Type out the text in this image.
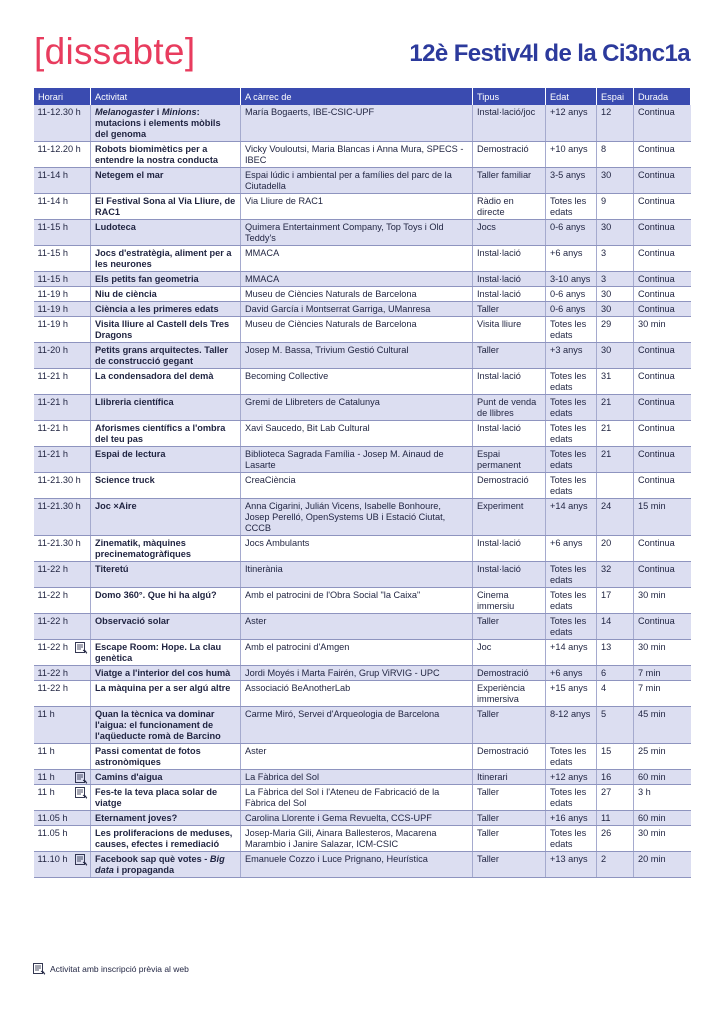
[dissabte]	12è Festiv4l de la Ci3nc1a
Horari	Activitat	A càrrec de	Tipus	Edat	Espai	Durada

11-12.30 h	Melanogaster i Minions: mutacions i elements mòbils del genoma	María Bogaerts, IBE-CSIC-UPF	Instal·lació/joc	+12 anys	12	Continua

11-12.20 h	Robots biomimètics per a entendre la nostra conducta	Vicky Vouloutsi, Maria Blancas i Anna Mura, SPECS -IBEC	Demostració	+10 anys	8	Continua

11-14 h	Netegem el mar	Espai lúdic i ambiental per a famílies del parc de la Ciutadella	Taller familiar	3-5 anys	30	Continua

11-14 h	El Festival Sona al Via Lliure, de RAC1	Via Lliure de RAC1	Ràdio en directe	Totes les edats	9	Continua

11-15 h	Ludoteca	Quimera Entertainment Company, Top Toys i Old Teddy's	Jocs	0-6 anys	30	Continua

11-15 h	Jocs d'estratègia, aliment per a les neurones	MMACA	Instal·lació	+6 anys	3	Continua

11-15 h	Els petits fan geometria	MMACA	Instal·lació	3-10 anys	3	Continua

11-19 h	Niu de ciència	Museu de Ciències Naturals de Barcelona	Instal·lació	0-6 anys	30	Continua

11-19 h	Ciència a les primeres edats	David García i Montserrat Garriga, UManresa	Taller	0-6 anys	30	Continua

11-19 h	Visita lliure al Castell dels Tres Dragons	Museu de Ciències Naturals de Barcelona	Visita lliure	Totes les edats	29	30 min

11-20 h	Petits grans arquitectes. Taller de construcció gegant	Josep M. Bassa, Trivium Gestió Cultural	Taller	+3 anys	30	Continua

11-21 h	La condensadora del demà	Becoming Collective	Instal·lació	Totes les edats	31	Continua

11-21 h	Llibreria científica	Gremi de Llibreters de Catalunya	Punt de venda de llibres	Totes les edats	21	Continua

11-21 h	Aforismes científics a l'ombra del teu pas	Xavi Saucedo, Bit Lab Cultural	Instal·lació	Totes les edats	21	Continua

11-21 h	Espai de lectura	Biblioteca Sagrada Família - Josep M. Ainaud de Lasarte	Espai permanent	Totes les edats	21	Continua

11-21.30 h	Science truck	CreaCiència	Demostració	Totes les edats		Continua

11-21.30 h	Joc ×Aire	Anna Cigarini, Julián Vicens, Isabelle Bonhoure, Josep Perelló, OpenSystems UB i Estació Ciutat, CCCB	Experiment	+14 anys	24	15 min

11-21.30 h	Zinematik, màquines precinematogràfiques	Jocs Ambulants	Instal·lació	+6 anys	20	Continua

11-22 h	Titeretú	Itinerània	Instal·lació	Totes les edats	32	Continua

11-22 h	Domo 360°. Que hi ha algú?	Amb el patrocini de l'Obra Social "la Caixa"	Cinema immersiu	Totes les edats	17	30 min

11-22 h	Observació solar	Aster	Taller	Totes les edats	14	Continua

11-22 h	Escape Room: Hope. La clau genètica	Amb el patrocini d'Amgen	Joc	+14 anys	13	30 min

11-22 h	Viatge a l'interior del cos humà	Jordi Moyés i Marta Fairén, Grup ViRVIG - UPC	Demostració	+6 anys	6	7 min

11-22 h	La màquina per a ser algú altre	Associació BeAnotherLab	Experiència immersiva	+15 anys	4	7 min

11 h	Quan la tècnica va dominar l'aigua: el funcionament de l'aqüeducte romà de Barcino	Carme Miró, Servei d'Arqueologia de Barcelona	Taller	8-12 anys	5	45 min

11 h	Passi comentat de fotos astronòmiques	Aster	Demostració	Totes les edats	15	25 min

11 h	Camins d'aigua	La Fàbrica del Sol	Itinerari	+12 anys	16	60 min

11 h	Fes-te la teva placa solar de viatge	La Fàbrica del Sol i l'Ateneu de Fabricació de la Fàbrica del Sol	Taller	Totes les edats	27	3 h

11.05 h	Eternament joves?	Carolina Llorente i Gema Revuelta, CCS-UPF	Taller	+16 anys	11	60 min

11.05 h	Les proliferacions de meduses, causes, efectes i remediació	Josep-Maria Gili, Ainara Ballesteros, Macarena Marambio i Janire Salazar, ICM-CSIC	Taller	Totes les edats	26	30 min

11.10 h	Facebook sap què votes - Big data i propaganda	Emanuele Cozzo i Luce Prignano, Heurística	Taller	+13 anys	2	20 min
Activitat amb inscripció prèvia al web
